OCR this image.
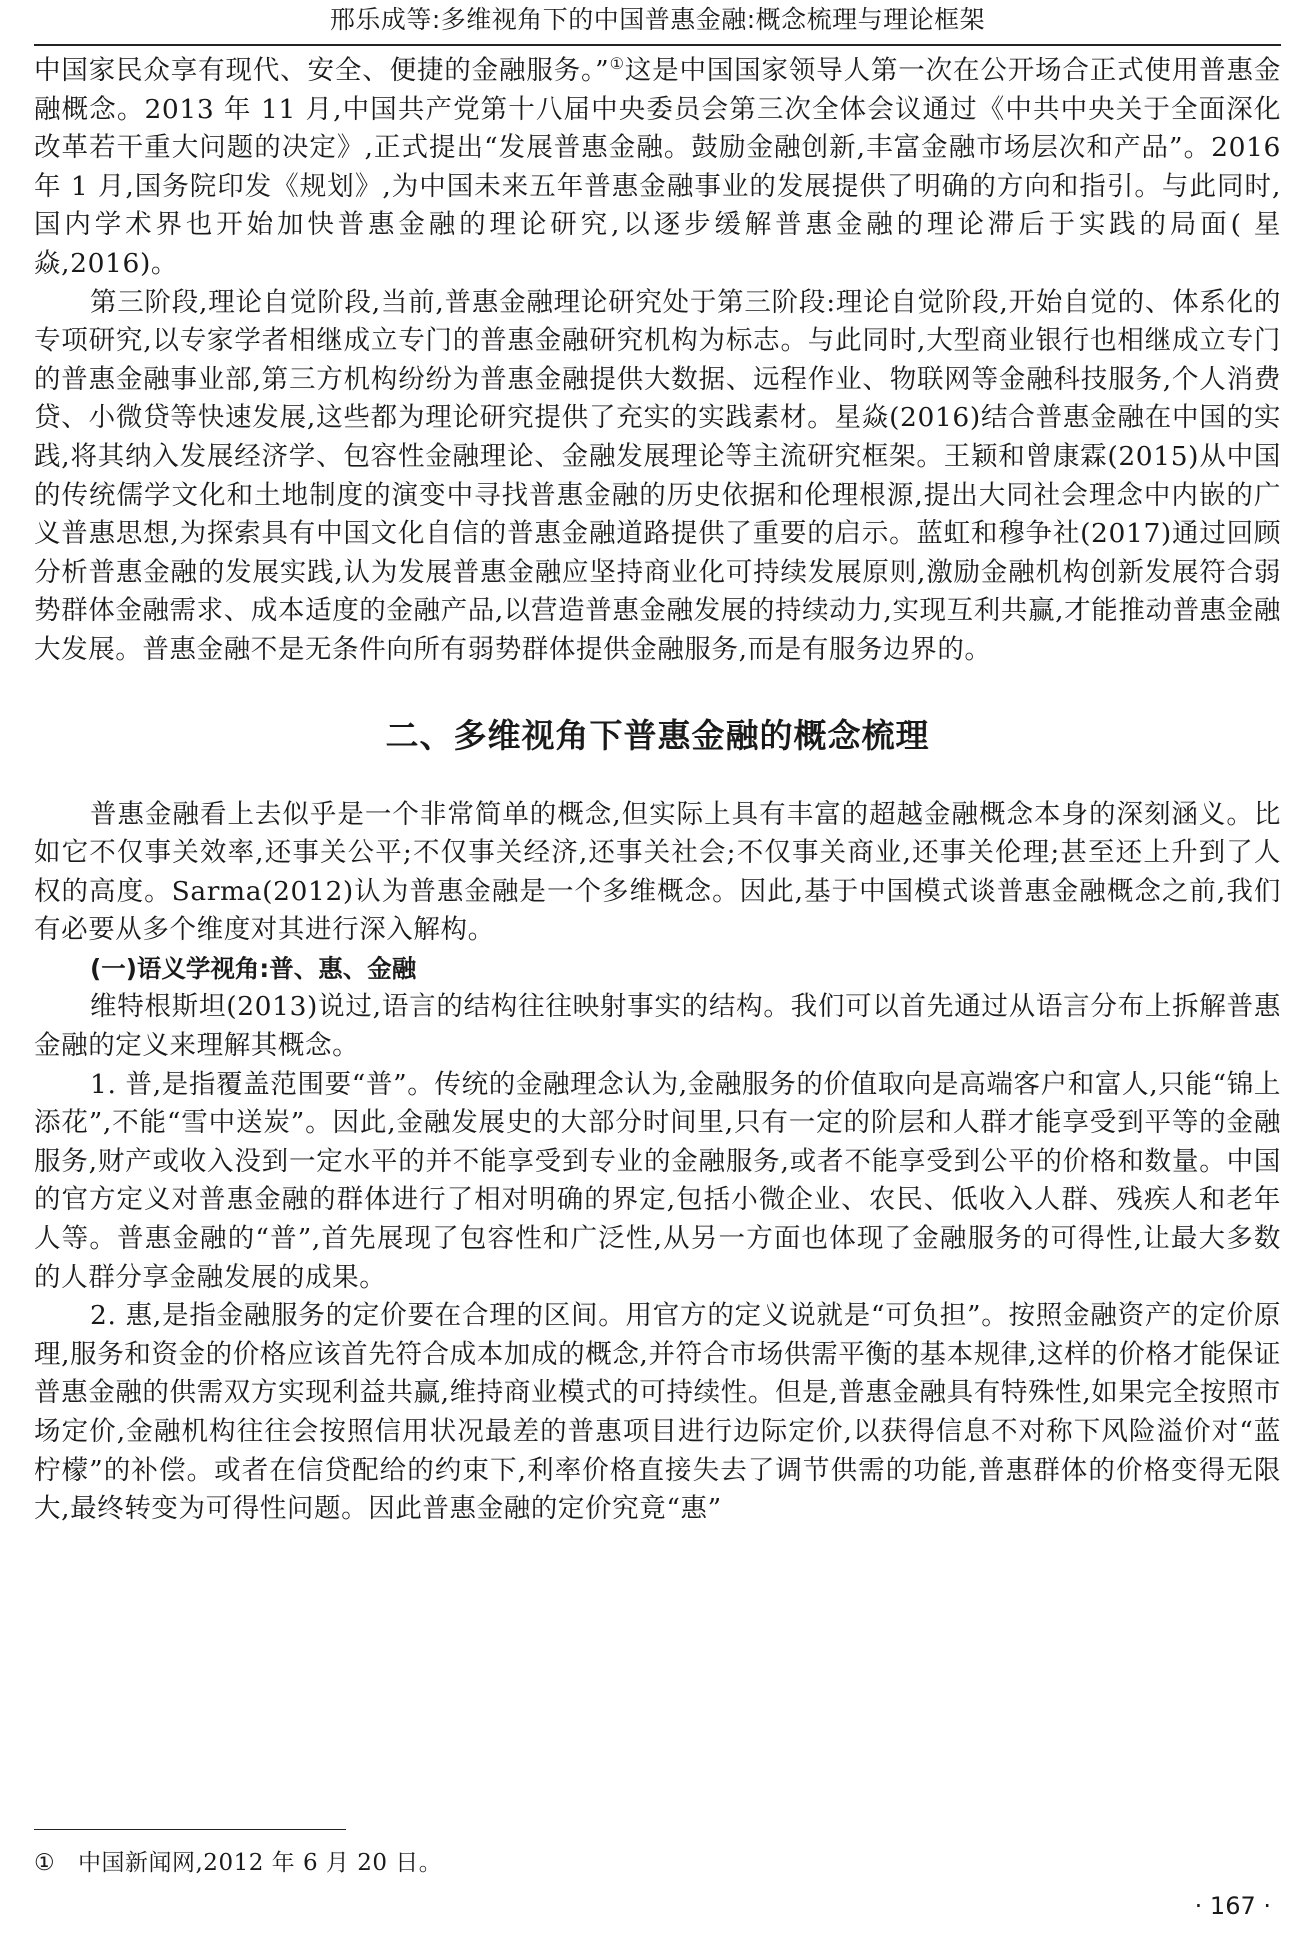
邢乐成等:多维视角下的中国普惠金融:概念梳理与理论框架

中国家民众享有现代、安全、便捷的金融服务。”①这是中国国家领导人第一次在公开场合正式使用普惠金融概念。2013 年 11 月,中国共产党第十八届中央委员会第三次全体会议通过《中共中央关于全面深化改革若干重大问题的决定》,正式提出“发展普惠金融。鼓励金融创新,丰富金融市场层次和产品”。2016 年 1 月,国务院印发《规划》,为中国未来五年普惠金融事业的发展提供了明确的方向和指引。与此同时,国内学术界也开始加快普惠金融的理论研究,以逐步缓解普惠金融的理论滞后于实践的局面( 星焱,2016)。

第三阶段,理论自觉阶段,当前,普惠金融理论研究处于第三阶段:理论自觉阶段,开始自觉的、体系化的专项研究,以专家学者相继成立专门的普惠金融研究机构为标志。与此同时,大型商业银行也相继成立专门的普惠金融事业部,第三方机构纷纷为普惠金融提供大数据、远程作业、物联网等金融科技服务,个人消费贷、小微贷等快速发展,这些都为理论研究提供了充实的实践素材。星焱(2016)结合普惠金融在中国的实践,将其纳入发展经济学、包容性金融理论、金融发展理论等主流研究框架。王颖和曾康霖(2015)从中国的传统儒学文化和土地制度的演变中寻找普惠金融的历史依据和伦理根源,提出大同社会理念中内嵌的广义普惠思想,为探索具有中国文化自信的普惠金融道路提供了重要的启示。蓝虹和穆争社(2017)通过回顾分析普惠金融的发展实践,认为发展普惠金融应坚持商业化可持续发展原则,激励金融机构创新发展符合弱势群体金融需求、成本适度的金融产品,以营造普惠金融发展的持续动力,实现互利共赢,才能推动普惠金融大发展。普惠金融不是无条件向所有弱势群体提供金融服务,而是有服务边界的。

二、多维视角下普惠金融的概念梳理

普惠金融看上去似乎是一个非常简单的概念,但实际上具有丰富的超越金融概念本身的深刻涵义。比如它不仅事关效率,还事关公平;不仅事关经济,还事关社会;不仅事关商业,还事关伦理;甚至还上升到了人权的高度。Sarma(2012)认为普惠金融是一个多维概念。因此,基于中国模式谈普惠金融概念之前,我们有必要从多个维度对其进行深入解构。

(一)语义学视角:普、惠、金融

维特根斯坦(2013)说过,语言的结构往往映射事实的结构。我们可以首先通过从语言分布上拆解普惠金融的定义来理解其概念。

1. 普,是指覆盖范围要“普”。传统的金融理念认为,金融服务的价值取向是高端客户和富人,只能“锦上添花”,不能“雪中送炭”。因此,金融发展史的大部分时间里,只有一定的阶层和人群才能享受到平等的金融服务,财产或收入没到一定水平的并不能享受到专业的金融服务,或者不能享受到公平的价格和数量。中国的官方定义对普惠金融的群体进行了相对明确的界定,包括小微企业、农民、低收入人群、残疾人和老年人等。普惠金融的“普”,首先展现了包容性和广泛性,从另一方面也体现了金融服务的可得性,让最大多数的人群分享金融发展的成果。

2. 惠,是指金融服务的定价要在合理的区间。用官方的定义说就是“可负担”。按照金融资产的定价原理,服务和资金的价格应该首先符合成本加成的概念,并符合市场供需平衡的基本规律,这样的价格才能保证普惠金融的供需双方实现利益共赢,维持商业模式的可持续性。但是,普惠金融具有特殊性,如果完全按照市场定价,金融机构往往会按照信用状况最差的普惠项目进行边际定价,以获得信息不对称下风险溢价对“蓝柠檬”的补偿。或者在信贷配给的约束下,利率价格直接失去了调节供需的功能,普惠群体的价格变得无限大,最终转变为可得性问题。因此普惠金融的定价究竟“惠”

① 中国新闻网,2012 年 6 月 20 日。
· 167 ·
